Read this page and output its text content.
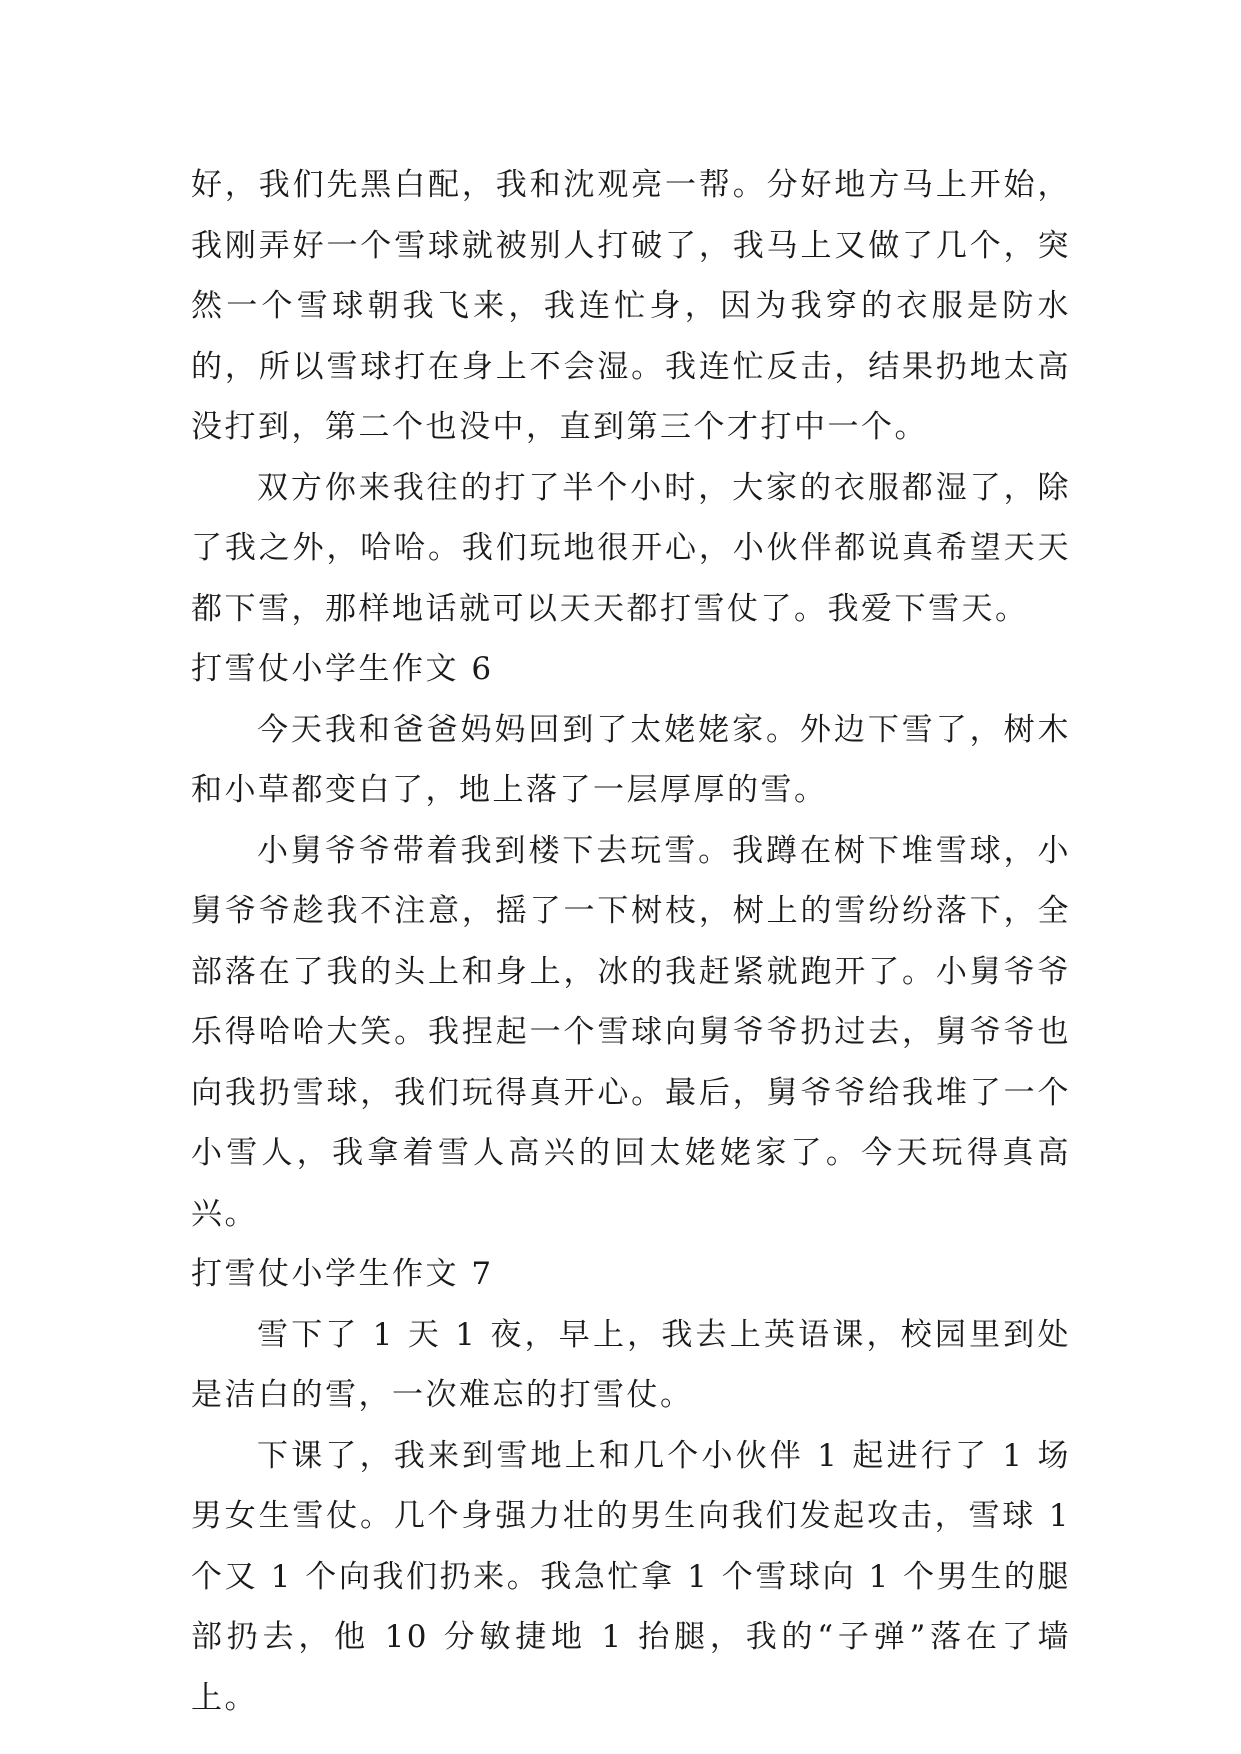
好，我们先黑白配，我和沈观亮一帮。分好地方马上开始，我刚弄好一个雪球就被别人打破了，我马上又做了几个，突然一个雪球朝我飞来，我连忙身，因为我穿的衣服是防水的，所以雪球打在身上不会湿。我连忙反击，结果扔地太高没打到，第二个也没中，直到第三个才打中一个。

双方你来我往的打了半个小时，大家的衣服都湿了，除了我之外，哈哈。我们玩地很开心，小伙伴都说真希望天天都下雪，那样地话就可以天天都打雪仗了。我爱下雪天。

打雪仗小学生作文 6

今天我和爸爸妈妈回到了太姥姥家。外边下雪了，树木和小草都变白了，地上落了一层厚厚的雪。

小舅爷爷带着我到楼下去玩雪。我蹲在树下堆雪球，小舅爷爷趁我不注意，摇了一下树枝，树上的雪纷纷落下，全部落在了我的头上和身上，冰的我赶紧就跑开了。小舅爷爷乐得哈哈大笑。我捏起一个雪球向舅爷爷扔过去，舅爷爷也向我扔雪球，我们玩得真开心。最后，舅爷爷给我堆了一个小雪人，我拿着雪人高兴的回太姥姥家了。今天玩得真高兴。

打雪仗小学生作文 7

雪下了 1 天 1 夜，早上，我去上英语课，校园里到处是洁白的雪，一次难忘的打雪仗。

下课了，我来到雪地上和几个小伙伴 1 起进行了 1 场男女生雪仗。几个身强力壮的男生向我们发起攻击，雪球 1 个又 1 个向我们扔来。我急忙拿 1 个雪球向 1 个男生的腿部扔去，他 10 分敏捷地 1 抬腿，我的“子弹”落在了墙上。
